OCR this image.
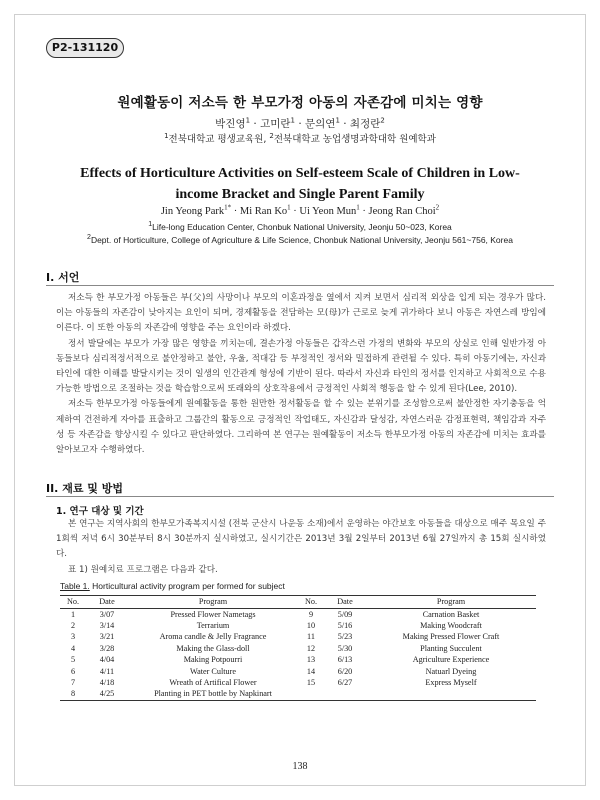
P2-131120
원예활동이 저소득 한 부모가정 아동의 자존감에 미치는 영향
박진영$^1$ · 고미란$^1$ · 문의연$^1$ · 최정란$^2$
$^1$전북대학교 평생교육원, $^2$전북대학교 농업생명과학대학 원예학과
Effects of Horticulture Activities on Self-esteem Scale of Children in Low-income Bracket and Single Parent Family
Jin Yeong Park$^{1*}$ · Mi Ran $Ko^1 \cdot Ui$ Yeon Mun$^1$ · Jeong Ran Choi$^2$
$^1$Life-long Education Center, Chonbuk National University, Jeonju 50~023, Korea
$^2$Dept. of Horticulture, College of Agriculture & Life Science, Chonbuk National University, Jeonju 561~756, Korea
I. 서언

저소득 한 부모가정 아동들은 부(父)의 사망이나 부모의 이혼과정을 옆에서 지켜 보면서 심리적 외상을 입게 되는 경우가 많다. 이는 아동들의 자존감이 낮아지는 요인이 되며, 경제활동을 전담하는 모(母)가 근로로 늦게 귀가하다 보니 아동은 자연스레 방임에 이른다. 이 또한 아동의 자존감에 영향을 주는 요인이라 하겠다.

정서 발달에는 부모가 가장 많은 영향을 끼치는데, 결손가정 아동들은 갑작스런 가정의 변화와 부모의 상실로 인해 일반가정 아동들보다 심리적정서적으로 불안정하고 불안, 우울, 적대감 등 부정적인 정서와 밀접하게 관련될 수 있다. 특히 아동기에는, 자신과 타인에 대한 이해를 발달시키는 것이 일생의 인간관계 형성에 기반이 된다. 따라서 자신과 타인의 정서를 인지하고 사회적으로 수용 가능한 방법으로 조절하는 것을 학습함으로써 또래와의 상호작용에서 긍정적인 사회적 행동을 할 수 있게 된다(Lee, 2010).

저소득 한부모가정 아동들에게 원예활동을 통한 원만한 정서활동을 할 수 있는 분위기를 조성함으로써 불안정한 자기충동을 억제하여 건전하게 자아를 표출하고 그룹간의 활동으로 긍정적인 작업태도, 자신감과 달성감, 자연스러운 감정표현력, 책임감과 자주성 등 자존감을 향상시킬 수 있다고 판단하였다. 그리하여 본 연구는 원예활동이 저소득 한부모가정 아동의 자존감에 미치는 효과를 알아보고자 수행하였다.

II. 재료 및 방법
1. 연구 대상 및 기간

본 연구는 지역사회의 한부모가족복지시설 (전북 군산시 나운동 소재)에서 운영하는 야간보호 아동들을 대상으로 매주 목요일 주1회씩 저녁 6시 30분부터 8시 30분까지 실시하였고, 실시기간은 2013년 3월 2일부터 2013년 6월 27일까지 총 15회 실시하였다.

표 1) 원예치료 프로그램은 다음과 같다.

Table 1. Horticultural activity program per formed for subject
No.	Date	Program	No.	Date	Program
1	3/07	Pressed Flower Nametags	9	5/09	Carnation Basket
2	3/14	Terrarium	10	5/16	Making Woodcraft
3	3/21	Aroma candle & Jelly Fragrance	11	5/23	Making Pressed Flower Craft
4	3/28	Making the Glass-doll	12	5/30	Planting Succulent
5	4/04	Making Potpourri	13	6/13	Agriculture Experience
6	4/11	Water Culture	14	6/20	Natuarl Dyeing
7	4/18	Wreath of Artifical Flower	15	6/27	Express Myself
8	4/25	Planting in PET bottle by Napkinart			
138
